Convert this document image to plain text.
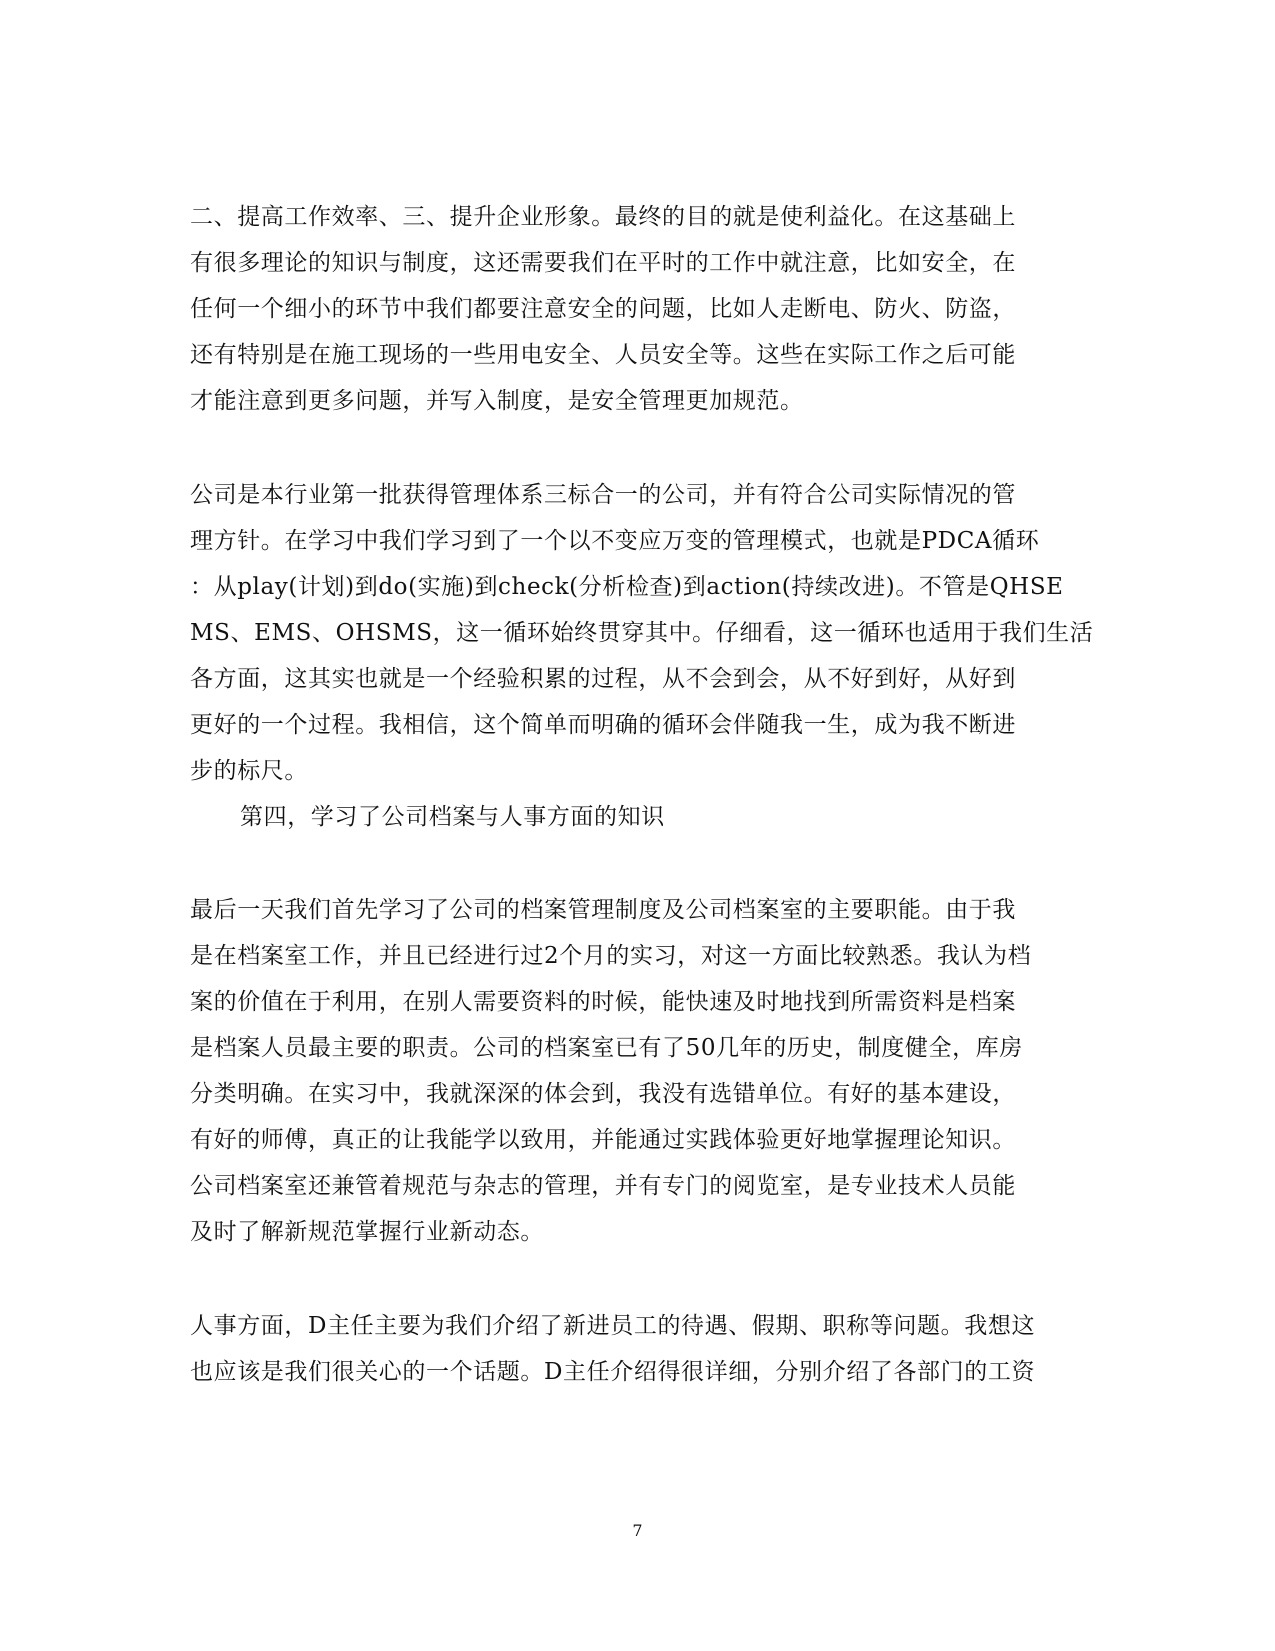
二、提高工作效率、三、提升企业形象。最终的目的就是使利益化。在这基础上
有很多理论的知识与制度，这还需要我们在平时的工作中就注意，比如安全，在
任何一个细小的环节中我们都要注意安全的问题，比如人走断电、防火、防盗，
还有特别是在施工现场的一些用电安全、人员安全等。这些在实际工作之后可能
才能注意到更多问题，并写入制度，是安全管理更加规范。
公司是本行业第一批获得管理体系三标合一的公司，并有符合公司实际情况的管
理方针。在学习中我们学习到了一个以不变应万变的管理模式，也就是PDCA循环
：从play(计划)到do(实施)到check(分析检查)到action(持续改进)。不管是QHSE
MS、EMS、OHSMS，这一循环始终贯穿其中。仔细看，这一循环也适用于我们生活
各方面，这其实也就是一个经验积累的过程，从不会到会，从不好到好，从好到
更好的一个过程。我相信，这个简单而明确的循环会伴随我一生，成为我不断进
步的标尺。
第四，学习了公司档案与人事方面的知识
最后一天我们首先学习了公司的档案管理制度及公司档案室的主要职能。由于我
是在档案室工作，并且已经进行过2个月的实习，对这一方面比较熟悉。我认为档
案的价值在于利用，在别人需要资料的时候，能快速及时地找到所需资料是档案
是档案人员最主要的职责。公司的档案室已有了50几年的历史，制度健全，库房
分类明确。在实习中，我就深深的体会到，我没有选错单位。有好的基本建设，
有好的师傅，真正的让我能学以致用，并能通过实践体验更好地掌握理论知识。
公司档案室还兼管着规范与杂志的管理，并有专门的阅览室，是专业技术人员能
及时了解新规范掌握行业新动态。
人事方面，D主任主要为我们介绍了新进员工的待遇、假期、职称等问题。我想这
也应该是我们很关心的一个话题。D主任介绍得很详细，分别介绍了各部门的工资
7
